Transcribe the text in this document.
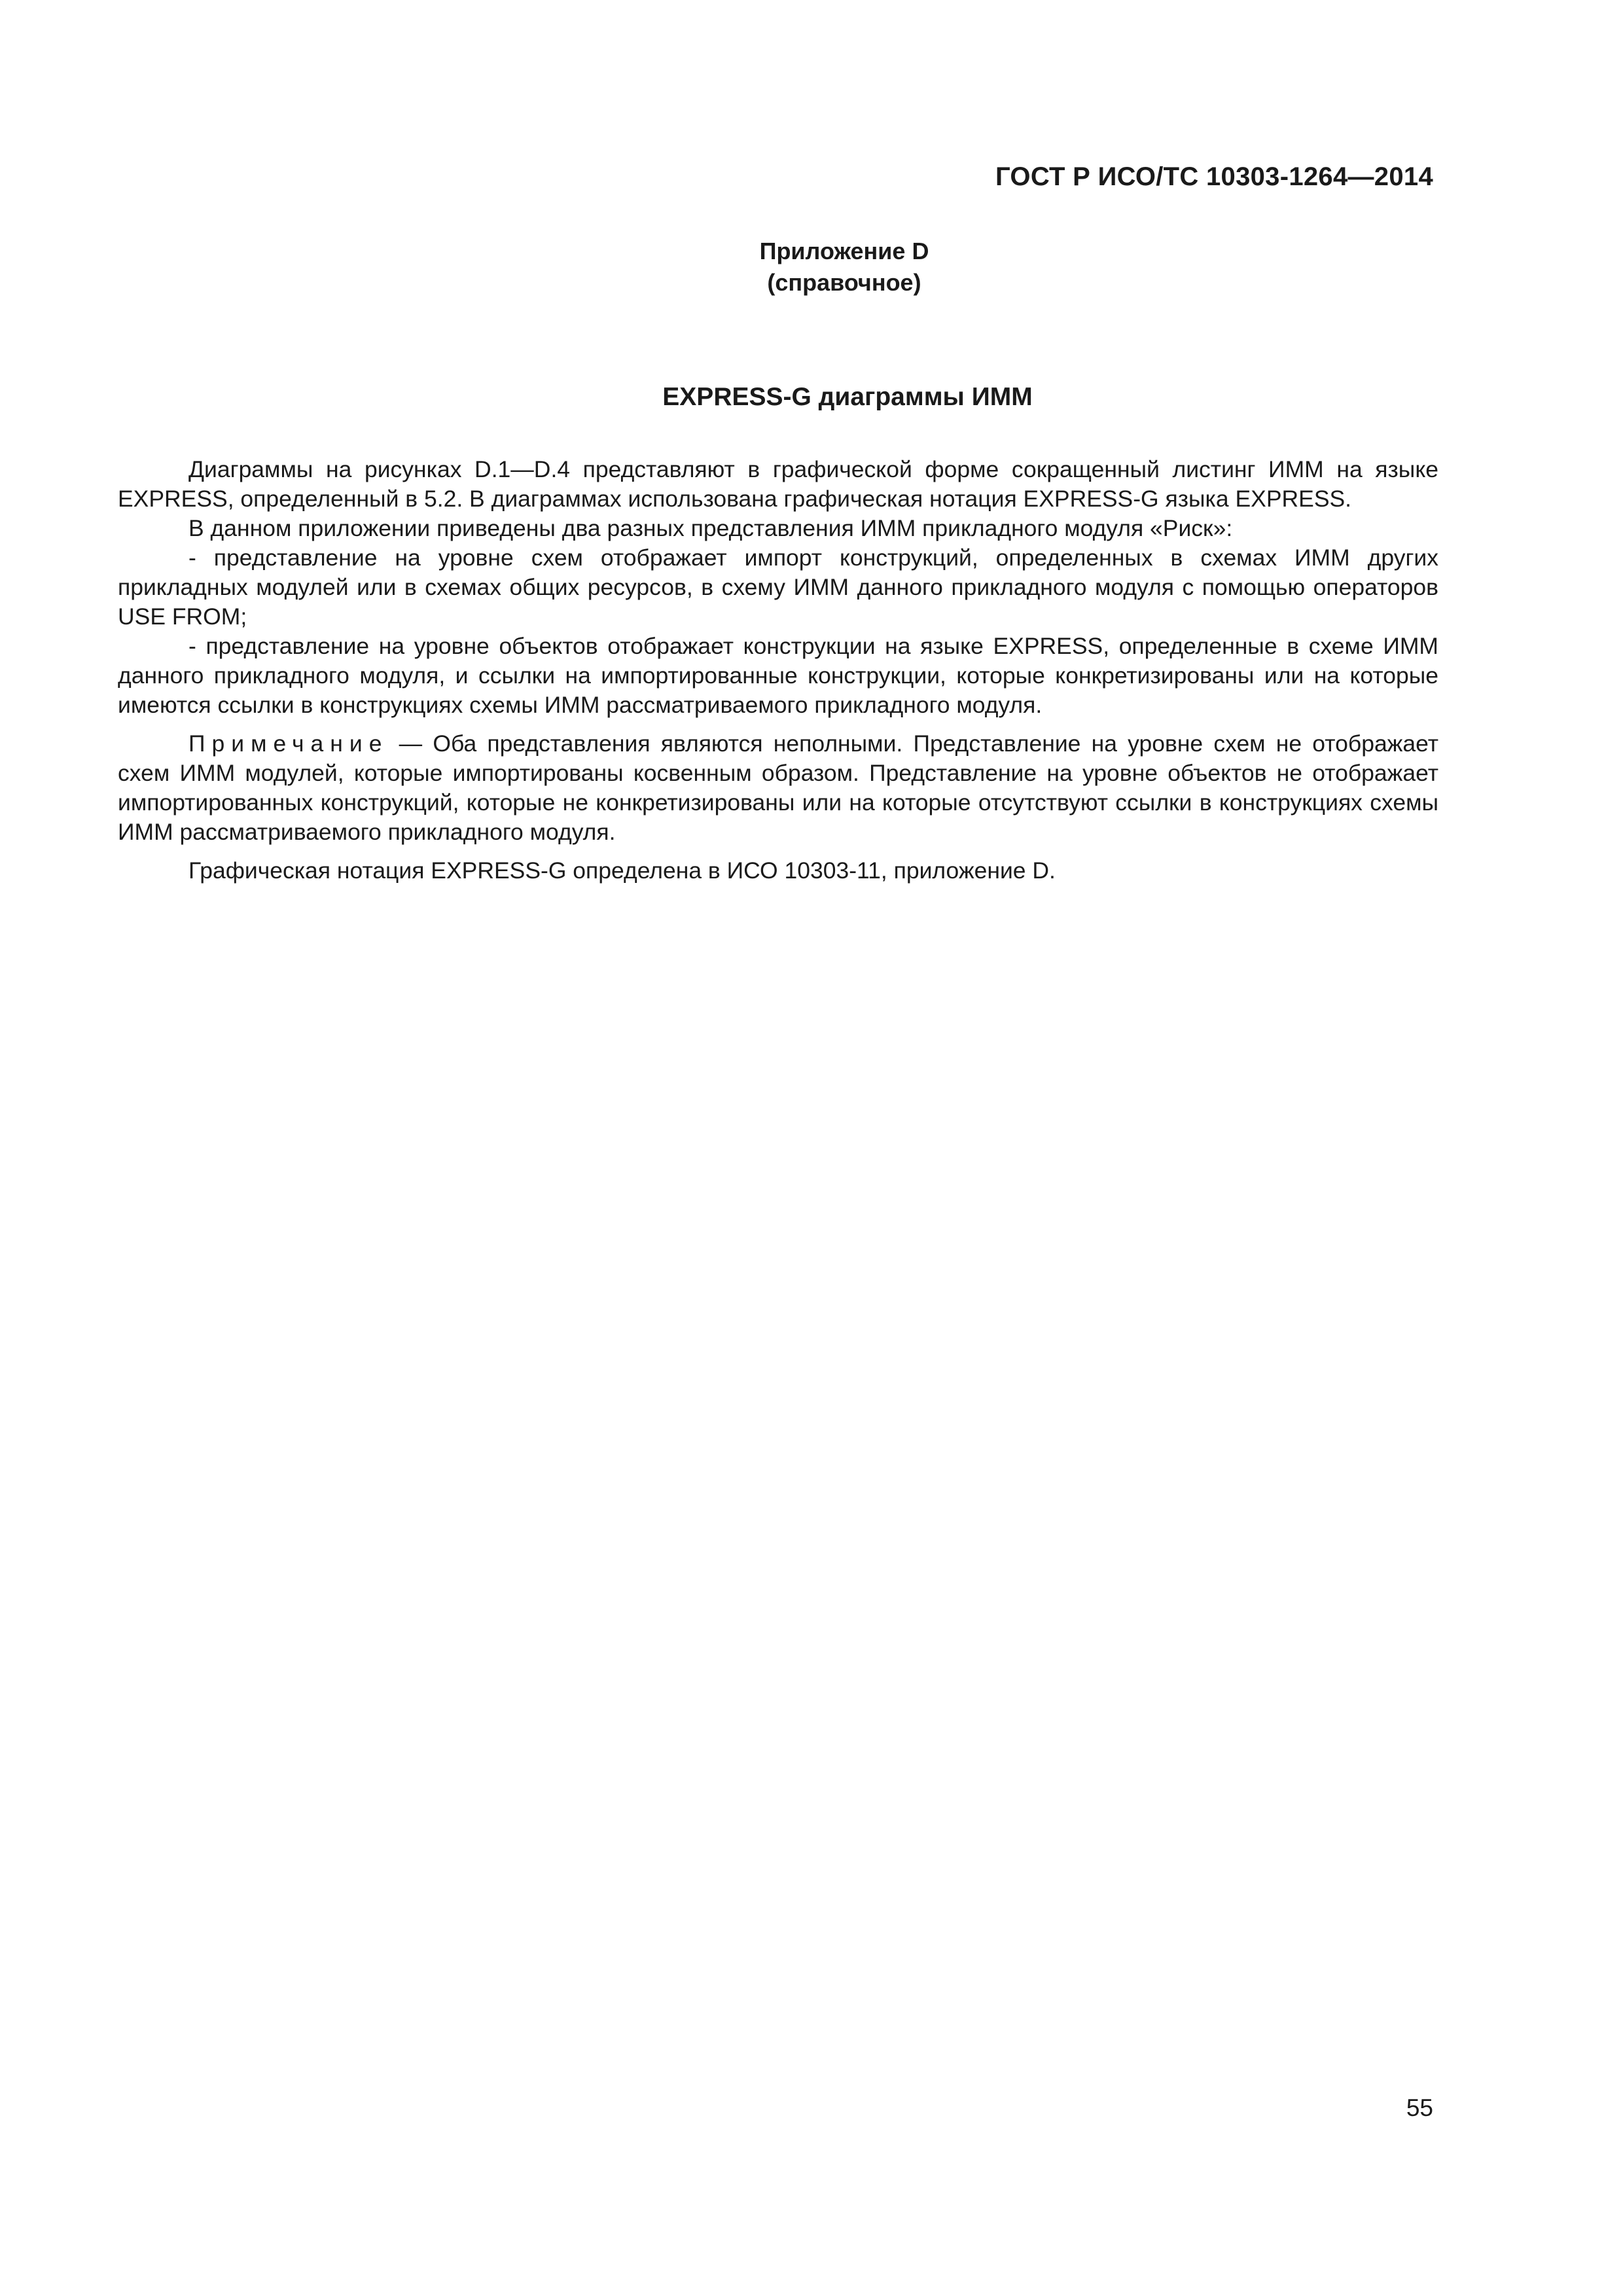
ГОСТ Р ИСО/ТС 10303-1264—2014
Приложение D
(справочное)
EXPRESS-G диаграммы ИММ

Диаграммы на рисунках D.1—D.4 представляют в графической форме сокращенный листинг ИММ на языке EXPRESS, определенный в 5.2. В диаграммах использована графическая нотация EXPRESS-G языка EXPRESS.

В данном приложении приведены два разных представления ИММ прикладного модуля «Риск»:

- представление на уровне схем отображает импорт конструкций, определенных в схемах ИММ других прикладных модулей или в схемах общих ресурсов, в схему ИММ данного прикладного модуля с помощью операторов USE FROM;

- представление на уровне объектов отображает конструкции на языке EXPRESS, определенные в схеме ИММ данного прикладного модуля, и ссылки на импортированные конструкции, которые конкретизированы или на которые имеются ссылки в конструкциях схемы ИММ рассматриваемого прикладного модуля.

Примечание — Оба представления являются неполными. Представление на уровне схем не отображает схем ИММ модулей, которые импортированы косвенным образом. Представление на уровне объектов не отображает импортированных конструкций, которые не конкретизированы или на которые отсутствуют ссылки в конструкциях схемы ИММ рассматриваемого прикладного модуля.

Графическая нотация EXPRESS-G определена в ИСО 10303-11, приложение D.

55
